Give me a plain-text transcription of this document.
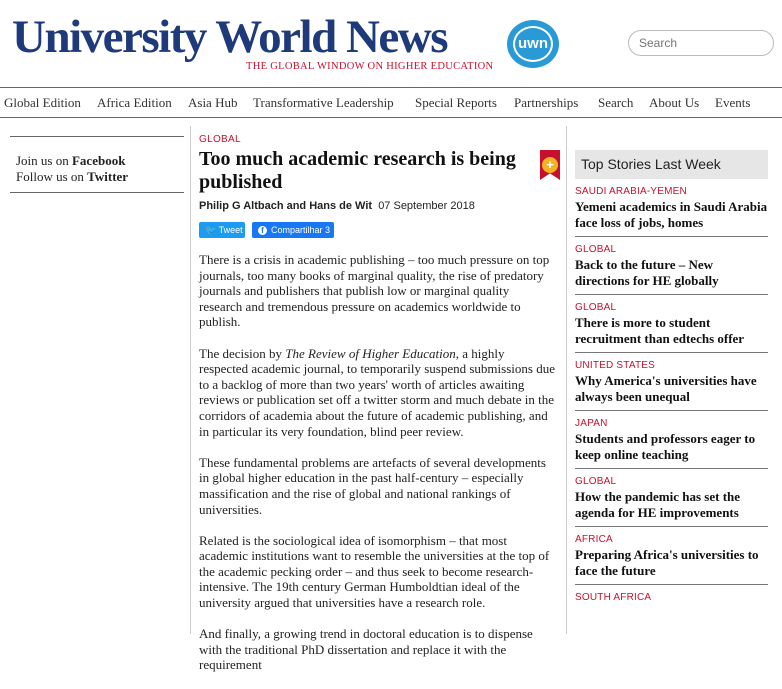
University World News
THE GLOBAL WINDOW ON HIGHER EDUCATION
uwn
Search
Global Edition Africa Edition Asia Hub Transformative Leadership Special Reports Partnerships Search About Us Events
Join us on Facebook
Follow us on Twitter
GLOBAL
Too much academic research is being published
Philip G Altbach and Hans de Wit 07 September 2018
+
🐦 Tweet	f Compartilhar 3

There is a crisis in academic publishing – too much pressure on top journals, too many books of marginal quality, the rise of predatory journals and publishers that publish low or marginal quality research and tremendous pressure on academics worldwide to publish.

The decision by The Review of Higher Education, a highly respected academic journal, to temporarily suspend submissions due to a backlog of more than two years' worth of articles awaiting reviews or publication set off a twitter storm and much debate in the corridors of academia about the future of academic publishing, and in particular its very foundation, blind peer review.

These fundamental problems are artefacts of several developments in global higher education in the past half-century – especially massification and the rise of global and national rankings of universities.

Related is the sociological idea of isomorphism – that most academic institutions want to resemble the universities at the top of the academic pecking order – and thus seek to become research-intensive. The 19th century German Humboldtian ideal of the university argued that universities have a research role.

And finally, a growing trend in doctoral education is to dispense with the traditional PhD dissertation and replace it with the requirement

Top Stories Last Week
SAUDI ARABIA-YEMEN
Yemeni academics in Saudi Arabia face loss of jobs, homes
GLOBAL
Back to the future – New directions for HE globally
GLOBAL
There is more to student recruitment than edtechs offer
UNITED STATES
Why America's universities have always been unequal
JAPAN
Students and professors eager to keep online teaching
GLOBAL
How the pandemic has set the agenda for HE improvements
AFRICA
Preparing Africa's universities to face the future
SOUTH AFRICA
